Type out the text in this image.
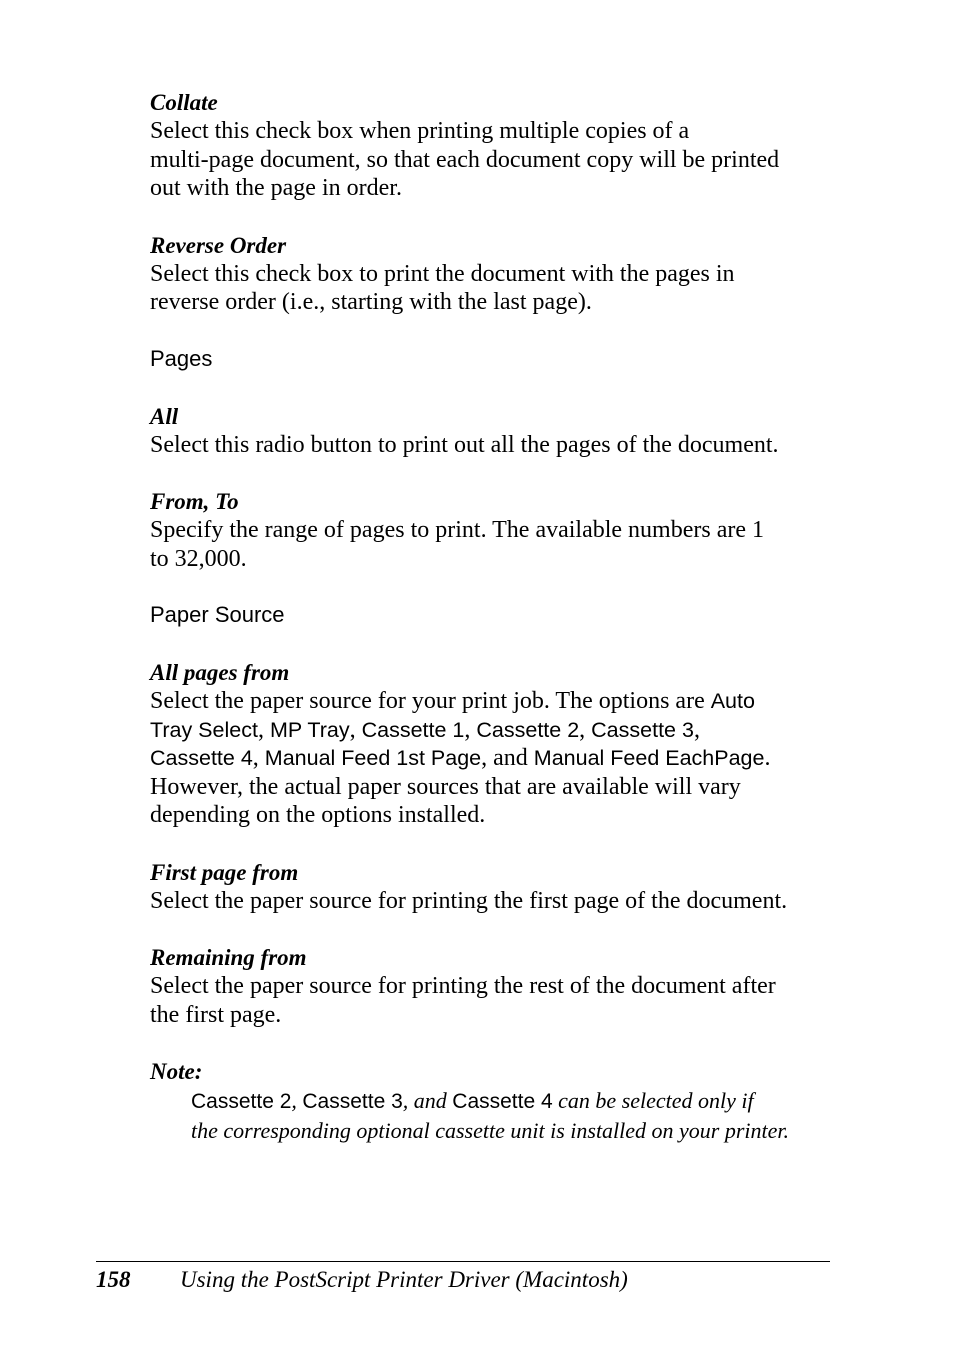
Collate

Select this check box when printing multiple copies of a
multi-page document, so that each document copy will be printed
out with the page in order.

Reverse Order

Select this check box to print the document with the pages in
reverse order (i.e., starting with the last page).

Pages

All

Select this radio button to print out all the pages of the document.

From, To

Specify the range of pages to print. The available numbers are 1
to 32,000.

Paper Source

All pages from

Select the paper source for your print job. The options are Auto
Tray Select, MP Tray, Cassette 1, Cassette 2, Cassette 3,
Cassette 4, Manual Feed 1st Page, and Manual Feed EachPage.
However, the actual paper sources that are available will vary
depending on the options installed.

First page from

Select the paper source for printing the first page of the document.

Remaining from

Select the paper source for printing the rest of the document after
the first page.

Note:

Cassette 2, Cassette 3, and Cassette 4 can be selected only if
the corresponding optional cassette unit is installed on your printer.

158 Using the PostScript Printer Driver (Macintosh)
